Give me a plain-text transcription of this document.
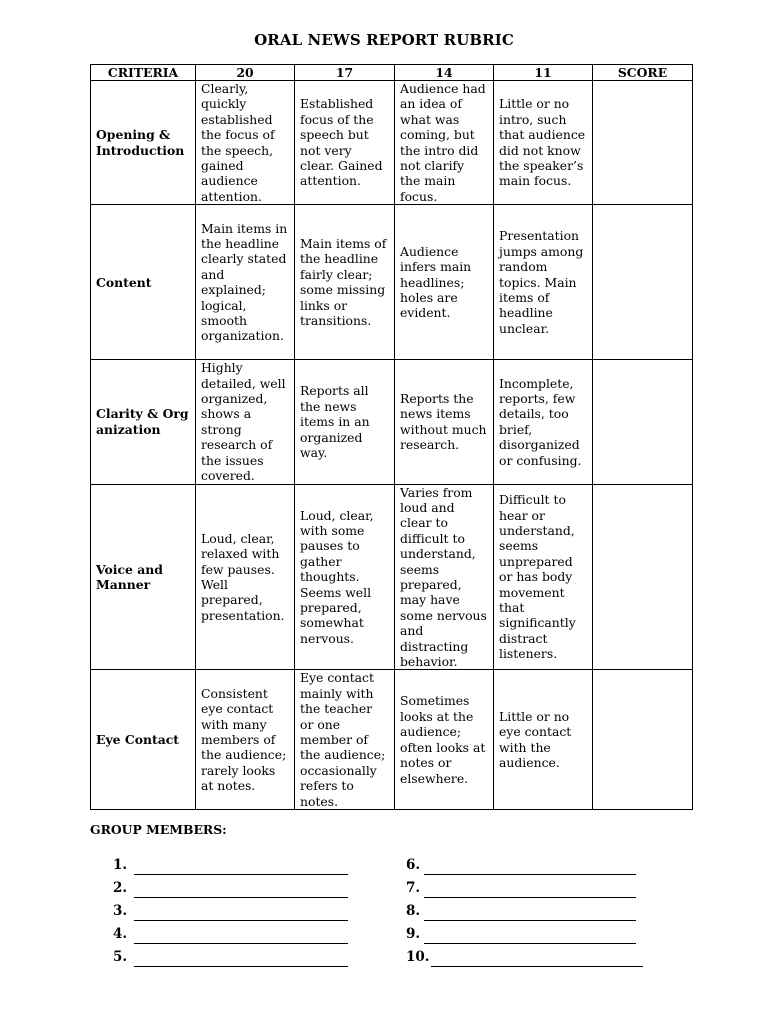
ORAL NEWS REPORT RUBRIC
CRITERIA	20	17	14	11	SCORE
Opening & Introduction	Clearly, quickly established the focus of the speech, gained audience attention.	Established focus of the speech but not very clear. Gained attention.	Audience had an idea of what was coming, but the intro did not clarify the main focus.	Little or no intro, such that audience did not know the speaker’s main focus.	
Content	Main items in the headline clearly stated and explained; logical, smooth organization.	Main items of the headline fairly clear; some missing links or transitions.	Audience infers main headlines; holes are evident.	Presentation jumps among random topics. Main items of headline unclear.	
Clarity & Organization	Highly detailed, well organized, shows a strong research of the issues covered.	Reports all the news items in an organized way.	Reports the news items without much research.	Incomplete, reports, few details, too brief, disorganized or confusing.	
Voice and Manner	Loud, clear, relaxed with few pauses. Well prepared, presentation.	Loud, clear, with some pauses to gather thoughts. Seems well prepared, somewhat nervous.	Varies from loud and clear to difficult to understand, seems prepared, may have some nervous and distracting behavior.	Difficult to hear or understand, seems unprepared or has body movement that significantly distract listeners.	
Eye Contact	Consistent eye contact with many members of the audience; rarely looks at notes.	Eye contact mainly with the teacher or one member of the audience; occasionally refers to notes.	Sometimes looks at the audience; often looks at notes or elsewhere.	Little or no eye contact with the audience.	
GROUP MEMBERS:
1.
2.
3.
4.
5.
6.
7.
8.
9.
10.
